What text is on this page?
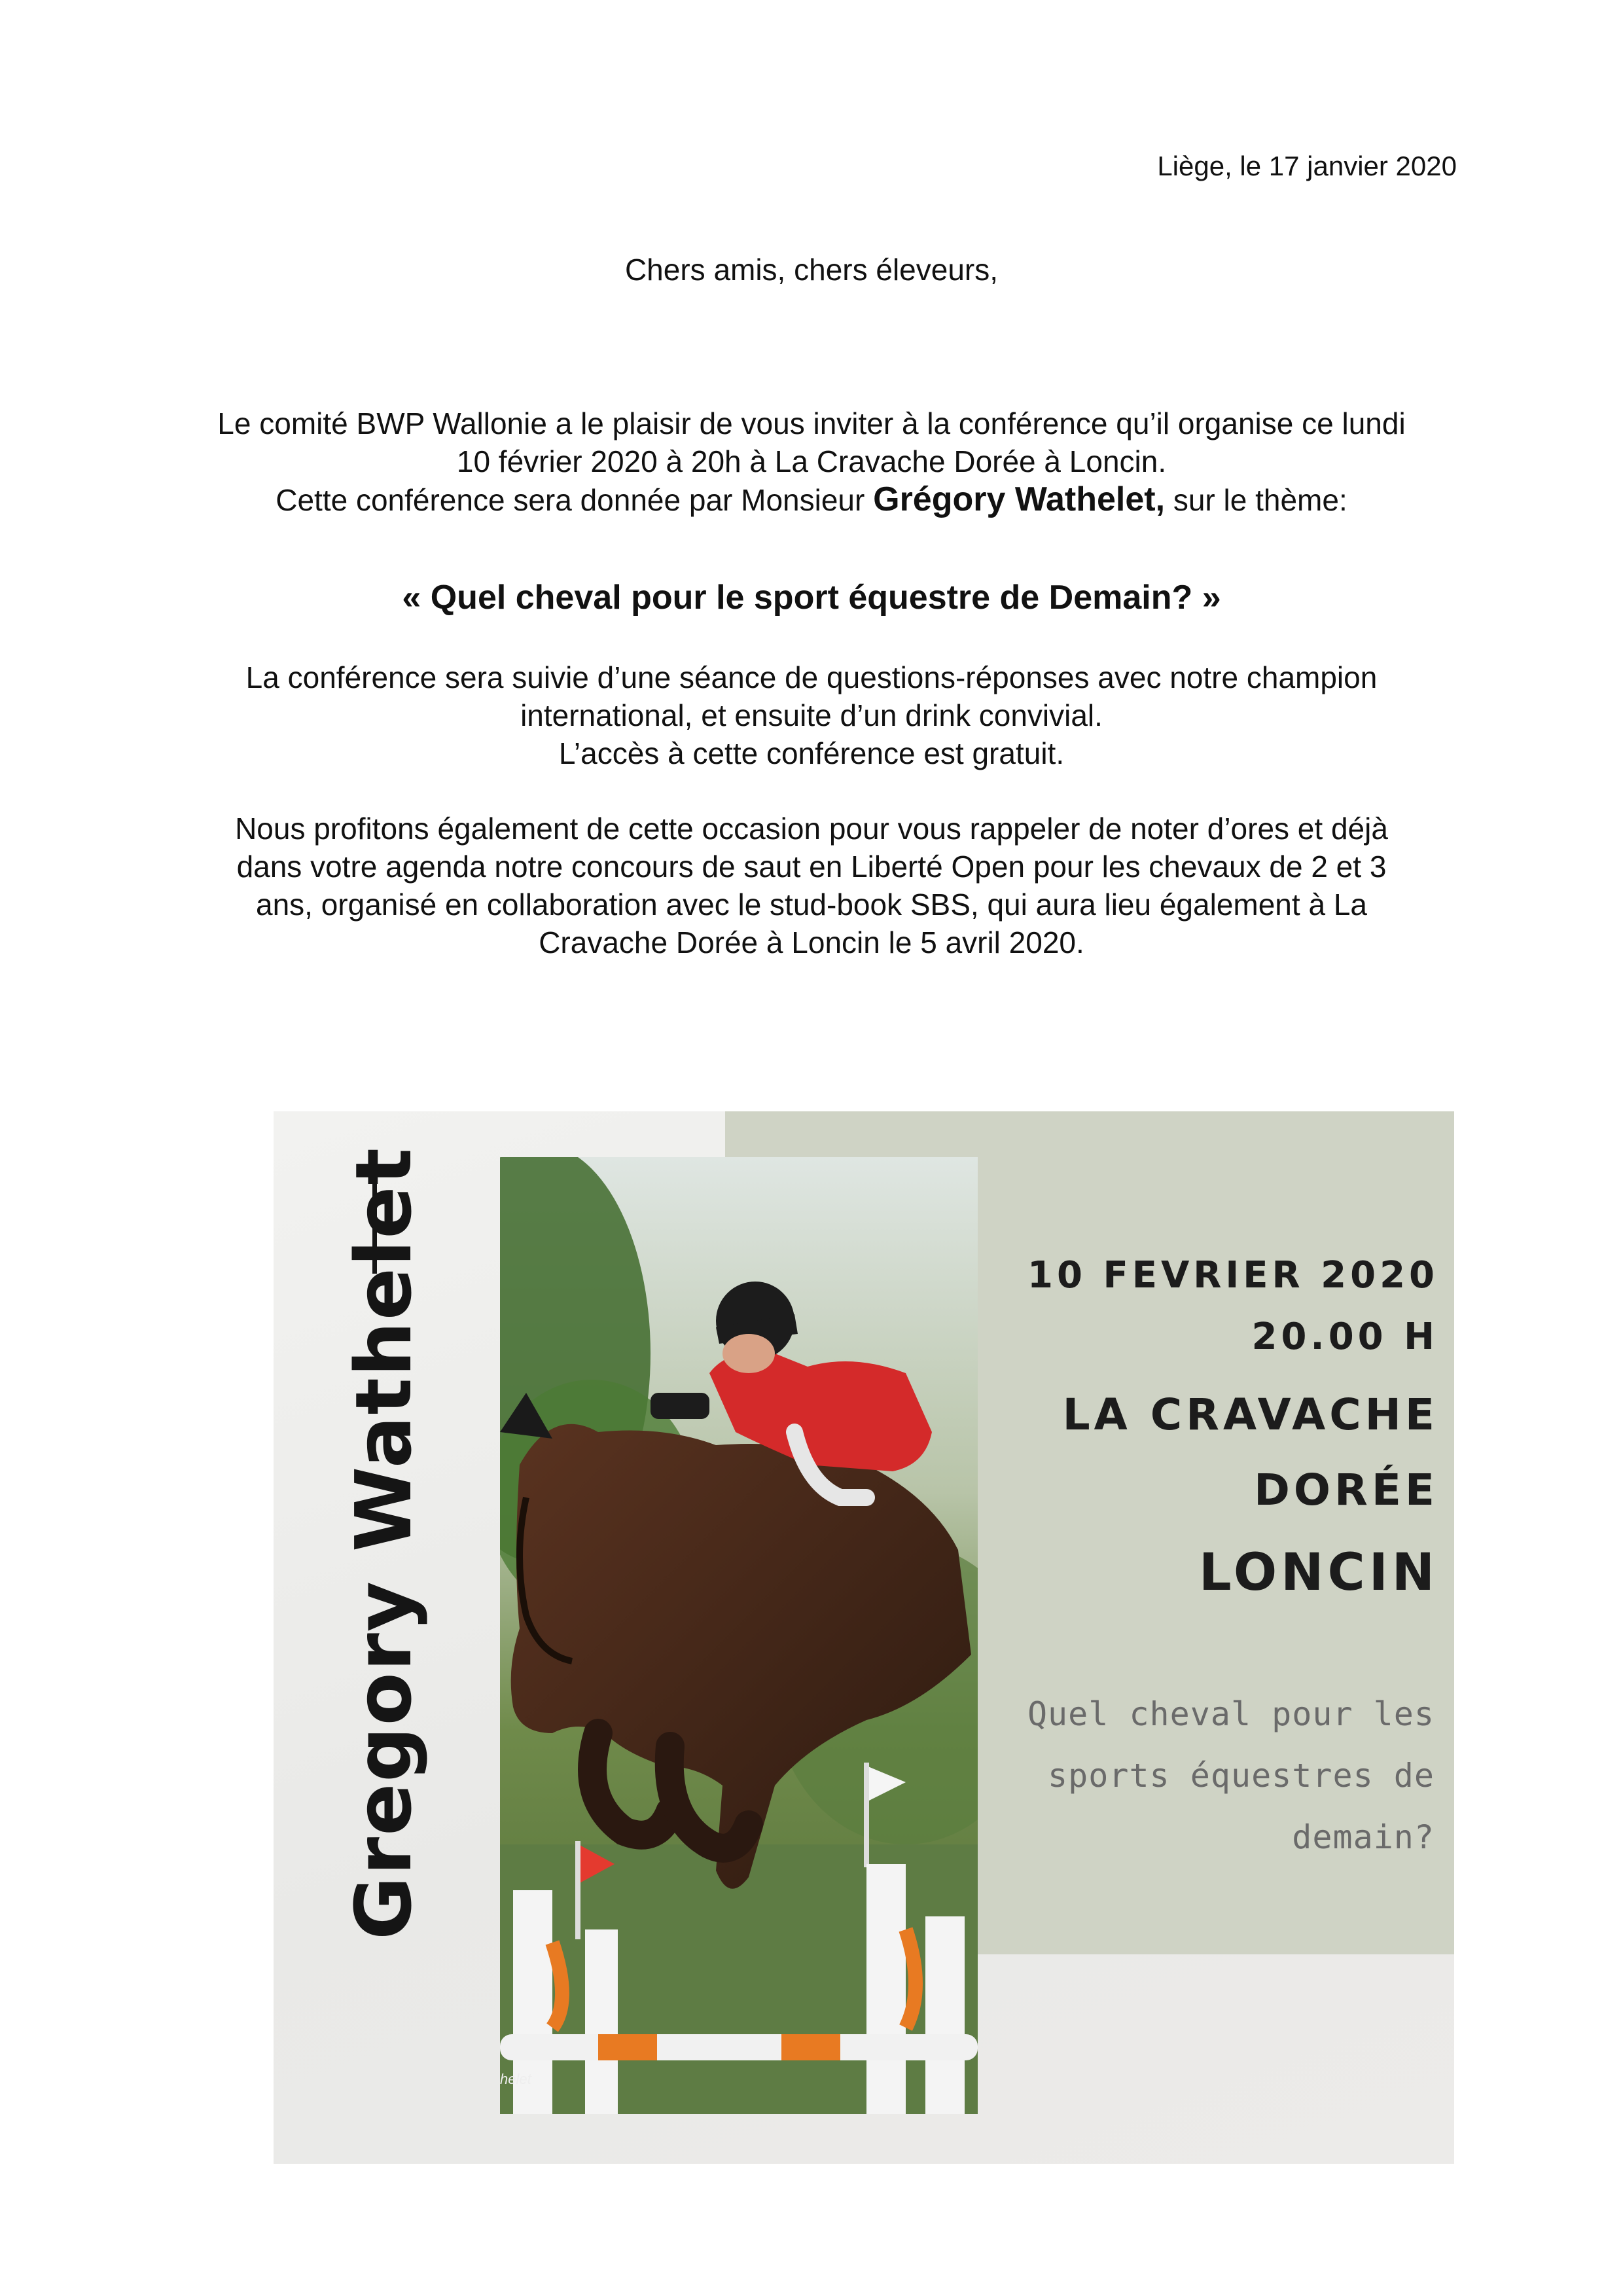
Liège, le 17 janvier 2020
Chers amis, chers éleveurs,
Le comité BWP Wallonie a le plaisir de vous inviter à la conférence qu’il organise ce lundi
10 février 2020 à 20h à La Cravache Dorée à Loncin.
Cette conférence sera donnée par Monsieur Grégory Wathelet, sur le thème:
« Quel cheval pour le sport équestre de Demain? »
La conférence sera suivie d’une séance de questions-réponses avec notre champion
international, et ensuite d’un drink convivial.
L’accès à cette conférence est gratuit.
Nous profitons également de cette occasion pour vous rappeler de noter d’ores et déjà
dans votre agenda notre concours de saut en Liberté Open pour les chevaux de 2 et 3
ans, organisé en collaboration avec le stud-book SBS, qui aura lieu également à La
Cravache Dorée à Loncin le 5 avril 2020.
Gregory Wathelet
helet
10 FEVRIER 2020
20.00 H
LA CRAVACHE
DORÉE
LONCIN
Quel cheval pour les
sports équestres de
demain?
